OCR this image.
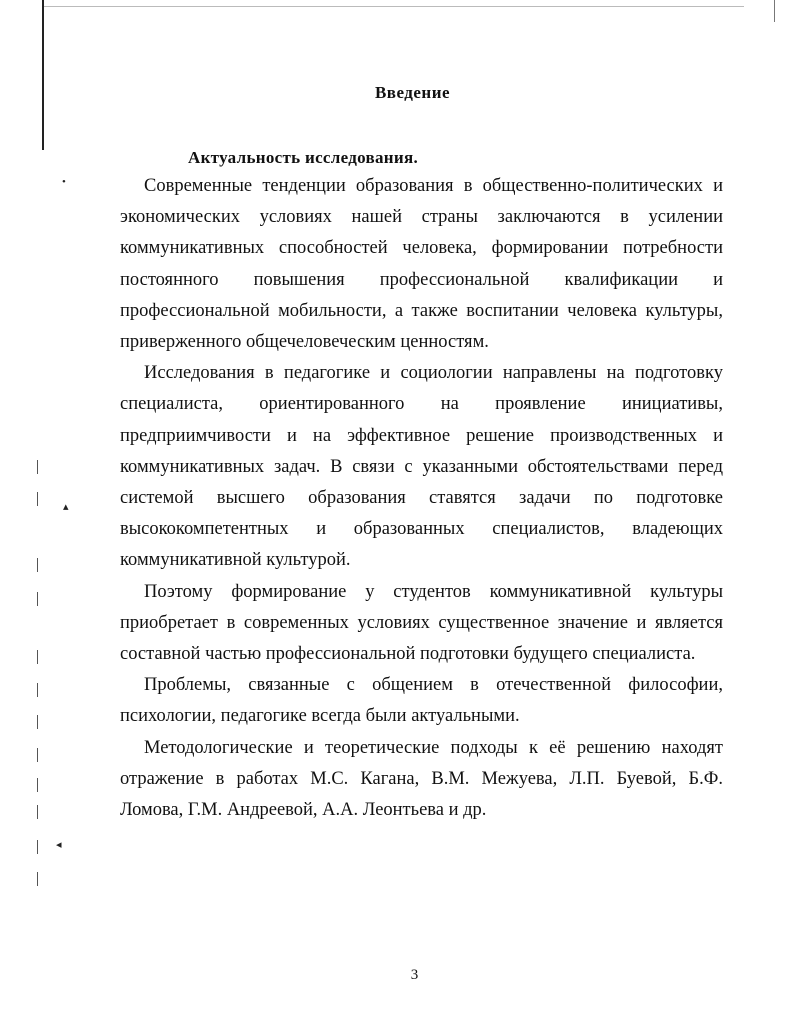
•
▴
◂
Введение
Актуальность исследования.

Современные тенденции образования в общественно-политических и экономических условиях нашей страны заключаются в усилении коммуникативных способностей человека, формировании потребности постоянного повышения профессиональной квалификации и профессиональной мобильности, а также воспитании человека культуры, приверженного общечеловеческим ценностям.

Исследования в педагогике и социологии направлены на подготовку специалиста, ориентированного на проявление инициативы, предприимчивости и на эффективное решение производственных и коммуникативных задач. В связи с указанными обстоятельствами перед системой высшего образования ставятся задачи по подготовке высококомпетентных и образованных специалистов, владеющих коммуникативной культурой.

Поэтому формирование у студентов коммуникативной культуры приобретает в современных условиях существенное значение и является составной частью профессиональной подготовки будущего специалиста.

Проблемы, связанные с общением в отечественной философии, психологии, педагогике всегда были актуальными.

Методологические и теоретические подходы к её решению находят отражение в работах М.С. Кагана, В.М. Межуева, Л.П. Буевой, Б.Ф. Ломова, Г.М. Андреевой, А.А. Леонтьева и др.

3
